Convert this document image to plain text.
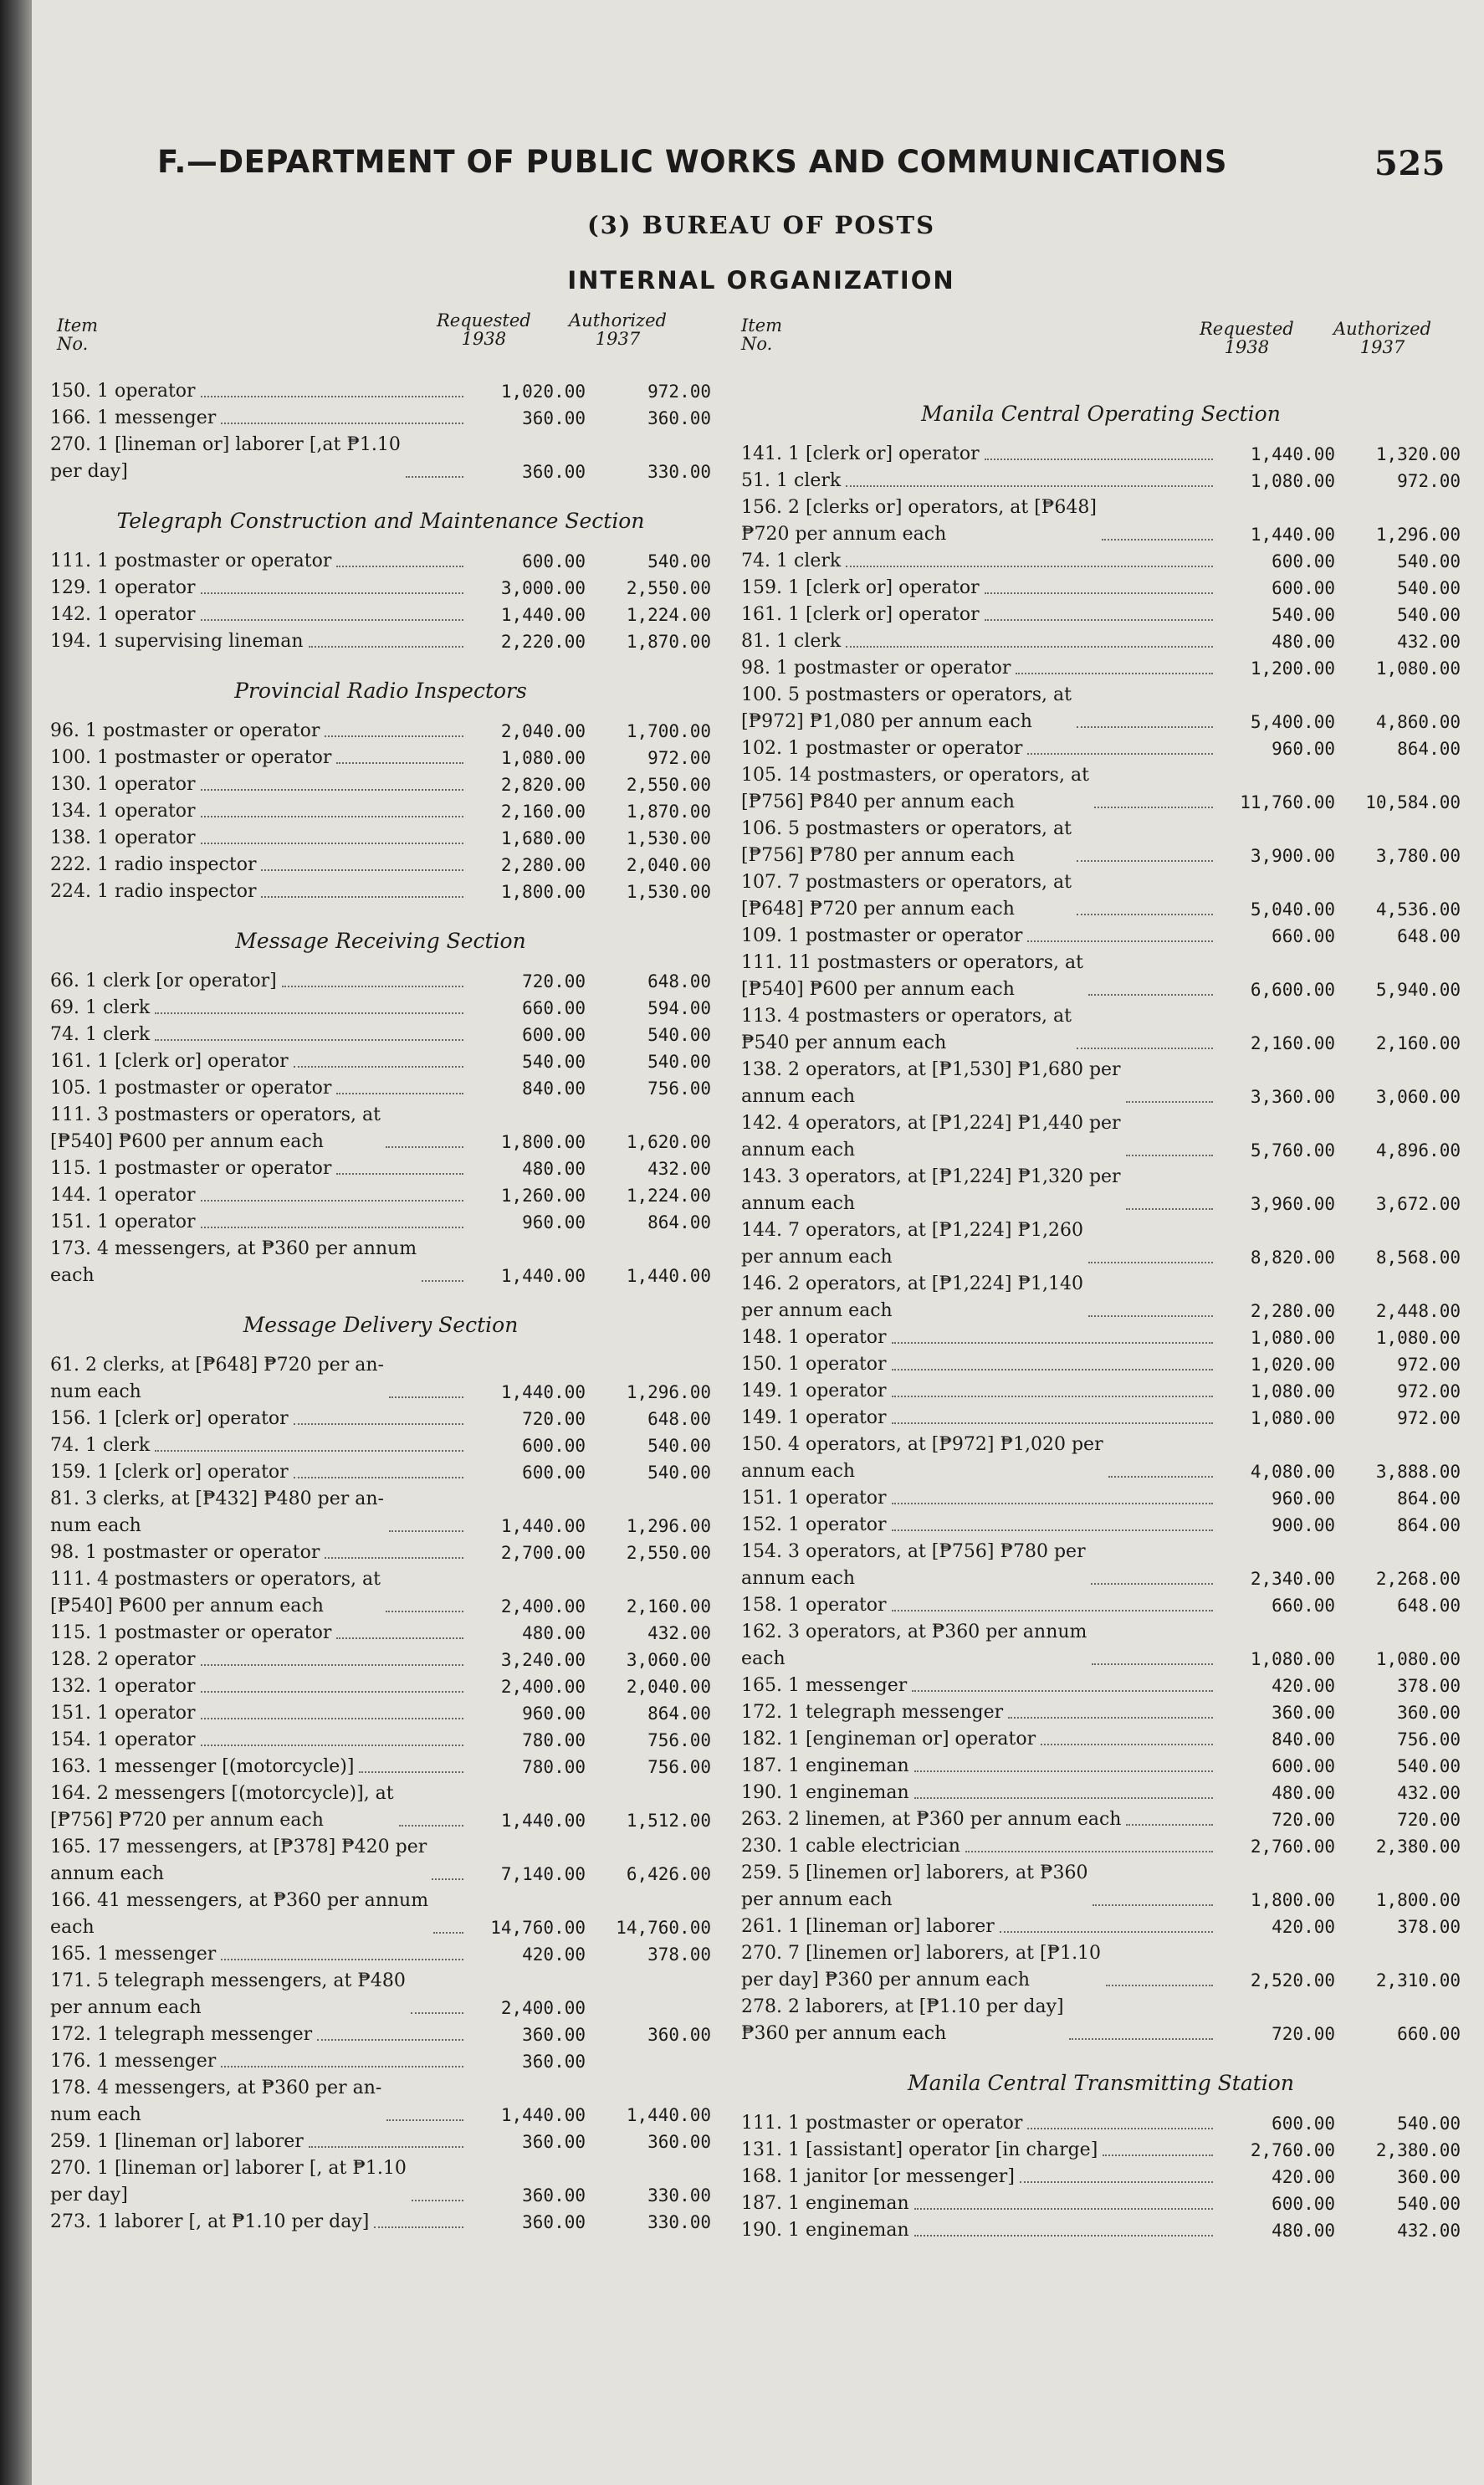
F.—DEPARTMENT OF PUBLIC WORKS AND COMMUNICATIONS	525
(3) BUREAU OF POSTS
INTERNAL ORGANIZATION
Item
No.
Requested
1938
Authorized
1937
150. 1 operator	1,020.00	972.00
166. 1 messenger	360.00	360.00
270. 1 [lineman or] laborer [,at ₱1.10
per day]	360.00	330.00
Telegraph Construction and Maintenance Section
111. 1 postmaster or operator	600.00	540.00
129. 1 operator	3,000.00	2,550.00
142. 1 operator	1,440.00	1,224.00
194. 1 supervising lineman	2,220.00	1,870.00
Provincial Radio Inspectors
96. 1 postmaster or operator	2,040.00	1,700.00
100. 1 postmaster or operator	1,080.00	972.00
130. 1 operator	2,820.00	2,550.00
134. 1 operator	2,160.00	1,870.00
138. 1 operator	1,680.00	1,530.00
222. 1 radio inspector	2,280.00	2,040.00
224. 1 radio inspector	1,800.00	1,530.00
Message Receiving Section
66. 1 clerk [or operator]	720.00	648.00
69. 1 clerk	660.00	594.00
74. 1 clerk	600.00	540.00
161. 1 [clerk or] operator	540.00	540.00
105. 1 postmaster or operator	840.00	756.00
111. 3 postmasters or operators, at
[₱540] ₱600 per annum each	1,800.00	1,620.00
115. 1 postmaster or operator	480.00	432.00
144. 1 operator	1,260.00	1,224.00
151. 1 operator	960.00	864.00
173. 4 messengers, at ₱360 per annum
each	1,440.00	1,440.00
Message Delivery Section
61. 2 clerks, at [₱648] ₱720 per an-
num each	1,440.00	1,296.00
156. 1 [clerk or] operator	720.00	648.00
74. 1 clerk	600.00	540.00
159. 1 [clerk or] operator	600.00	540.00
81. 3 clerks, at [₱432] ₱480 per an-
num each	1,440.00	1,296.00
98. 1 postmaster or operator	2,700.00	2,550.00
111. 4 postmasters or operators, at
[₱540] ₱600 per annum each	2,400.00	2,160.00
115. 1 postmaster or operator	480.00	432.00
128. 2 operator	3,240.00	3,060.00
132. 1 operator	2,400.00	2,040.00
151. 1 operator	960.00	864.00
154. 1 operator	780.00	756.00
163. 1 messenger [(motorcycle)]	780.00	756.00
164. 2 messengers [(motorcycle)], at
[₱756] ₱720 per annum each	1,440.00	1,512.00
165. 17 messengers, at [₱378] ₱420 per
annum each	7,140.00	6,426.00
166. 41 messengers, at ₱360 per annum
each	14,760.00	14,760.00
165. 1 messenger	420.00	378.00
171. 5 telegraph messengers, at ₱480
per annum each	2,400.00
172. 1 telegraph messenger	360.00	360.00
176. 1 messenger	360.00
178. 4 messengers, at ₱360 per an-
num each	1,440.00	1,440.00
259. 1 [lineman or] laborer	360.00	360.00
270. 1 [lineman or] laborer [, at ₱1.10
per day]	360.00	330.00
273. 1 laborer [, at ₱1.10 per day]	360.00	330.00
Item
No.
Requested
1938
Authorized
1937
Manila Central Operating Section
141. 1 [clerk or] operator	1,440.00	1,320.00
51. 1 clerk	1,080.00	972.00
156. 2 [clerks or] operators, at [₱648]
₱720 per annum each	1,440.00	1,296.00
74. 1 clerk	600.00	540.00
159. 1 [clerk or] operator	600.00	540.00
161. 1 [clerk or] operator	540.00	540.00
81. 1 clerk	480.00	432.00
98. 1 postmaster or operator	1,200.00	1,080.00
100. 5 postmasters or operators, at
[₱972] ₱1,080 per annum each	5,400.00	4,860.00
102. 1 postmaster or operator	960.00	864.00
105. 14 postmasters, or operators, at
[₱756] ₱840 per annum each	11,760.00	10,584.00
106. 5 postmasters or operators, at
[₱756] ₱780 per annum each	3,900.00	3,780.00
107. 7 postmasters or operators, at
[₱648] ₱720 per annum each	5,040.00	4,536.00
109. 1 postmaster or operator	660.00	648.00
111. 11 postmasters or operators, at
[₱540] ₱600 per annum each	6,600.00	5,940.00
113. 4 postmasters or operators, at
₱540 per annum each	2,160.00	2,160.00
138. 2 operators, at [₱1,530] ₱1,680 per
annum each	3,360.00	3,060.00
142. 4 operators, at [₱1,224] ₱1,440 per
annum each	5,760.00	4,896.00
143. 3 operators, at [₱1,224] ₱1,320 per
annum each	3,960.00	3,672.00
144. 7 operators, at [₱1,224] ₱1,260
per annum each	8,820.00	8,568.00
146. 2 operators, at [₱1,224] ₱1,140
per annum each	2,280.00	2,448.00
148. 1 operator	1,080.00	1,080.00
150. 1 operator	1,020.00	972.00
149. 1 operator	1,080.00	972.00
149. 1 operator	1,080.00	972.00
150. 4 operators, at [₱972] ₱1,020 per
annum each	4,080.00	3,888.00
151. 1 operator	960.00	864.00
152. 1 operator	900.00	864.00
154. 3 operators, at [₱756] ₱780 per
annum each	2,340.00	2,268.00
158. 1 operator	660.00	648.00
162. 3 operators, at ₱360 per annum
each	1,080.00	1,080.00
165. 1 messenger	420.00	378.00
172. 1 telegraph messenger	360.00	360.00
182. 1 [engineman or] operator	840.00	756.00
187. 1 engineman	600.00	540.00
190. 1 engineman	480.00	432.00
263. 2 linemen, at ₱360 per annum each	720.00	720.00
230. 1 cable electrician	2,760.00	2,380.00
259. 5 [linemen or] laborers, at ₱360
per annum each	1,800.00	1,800.00
261. 1 [lineman or] laborer	420.00	378.00
270. 7 [linemen or] laborers, at [₱1.10
per day] ₱360 per annum each	2,520.00	2,310.00
278. 2 laborers, at [₱1.10 per day]
₱360 per annum each	720.00	660.00
Manila Central Transmitting Station
111. 1 postmaster or operator	600.00	540.00
131. 1 [assistant] operator [in charge]	2,760.00	2,380.00
168. 1 janitor [or messenger]	420.00	360.00
187. 1 engineman	600.00	540.00
190. 1 engineman	480.00	432.00
